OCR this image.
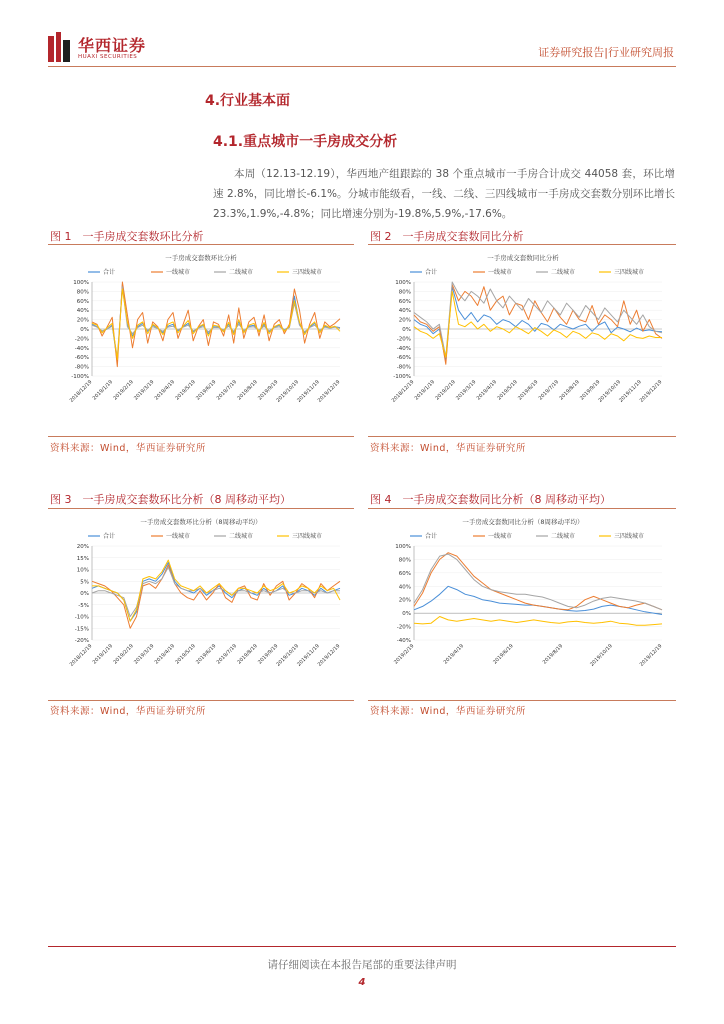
华西证券
HUAXI SECURITIES	证券研究报告|行业研究周报
4.行业基本面
4.1.重点城市一手房成交分析

本周（12.13-12.19），华西地产组跟踪的 38 个重点城市一手房合计成交 44058 套，环比增速 2.8%，同比增长-6.1%。分城市能级看，一线、二线、三四线城市一手房成交套数分别环比增长 23.3%,1.9%,-4.8%；同比增速分别为-19.8%,5.9%,-17.6%。

图 1　一手房成交套数环比分析
一手房成交套数环比分析
合计	一线城市	二线城市	三四线城市
100%
80%
60%
40%
20%
0%
-20%
-40%
-60%
-80%
-100%
2018/12/19
2019/1/19
2019/2/19
2019/3/19
2019/4/19
2019/5/19
2019/6/19
2019/7/19
2019/8/19
2019/9/19
2019/10/19
2019/11/19
2019/12/19
资料来源：Wind，华西证券研究所
图 2　一手房成交套数同比分析
一手房成交套数同比分析
合计	一线城市	二线城市	三四线城市
100%
80%
60%
40%
20%
0%
-20%
-40%
-60%
-80%
-100%
2018/12/19
2019/1/19
2019/2/19
2019/3/19
2019/4/19
2019/5/19
2019/6/19
2019/7/19
2019/8/19
2019/9/19
2019/10/19
2019/11/19
2019/12/19
资料来源：Wind，华西证券研究所
图 3　一手房成交套数环比分析（8 周移动平均）
一手房成交套数环比分析（8周移动平均）
合计	一线城市	二线城市	三四线城市
20%
15%
10%
5%
0%
-5%
-10%
-15%
-20%
2018/12/19
2019/1/19
2019/2/19
2019/3/19
2019/4/19
2019/5/19
2019/6/19
2019/7/19
2019/8/19
2019/9/19
2019/10/19
2019/11/19
2019/12/19
资料来源：Wind，华西证券研究所
图 4　一手房成交套数同比分析（8 周移动平均）
一手房成交套数同比分析（8周移动平均）
合计	一线城市	二线城市	三四线城市
100%
80%
60%
40%
20%
0%
-20%
-40%
2019/2/19	2019/4/19	2019/6/19	2019/8/19	2019/10/19	2019/12/19
资料来源：Wind，华西证券研究所
请仔细阅读在本报告尾部的重要法律声明
4
